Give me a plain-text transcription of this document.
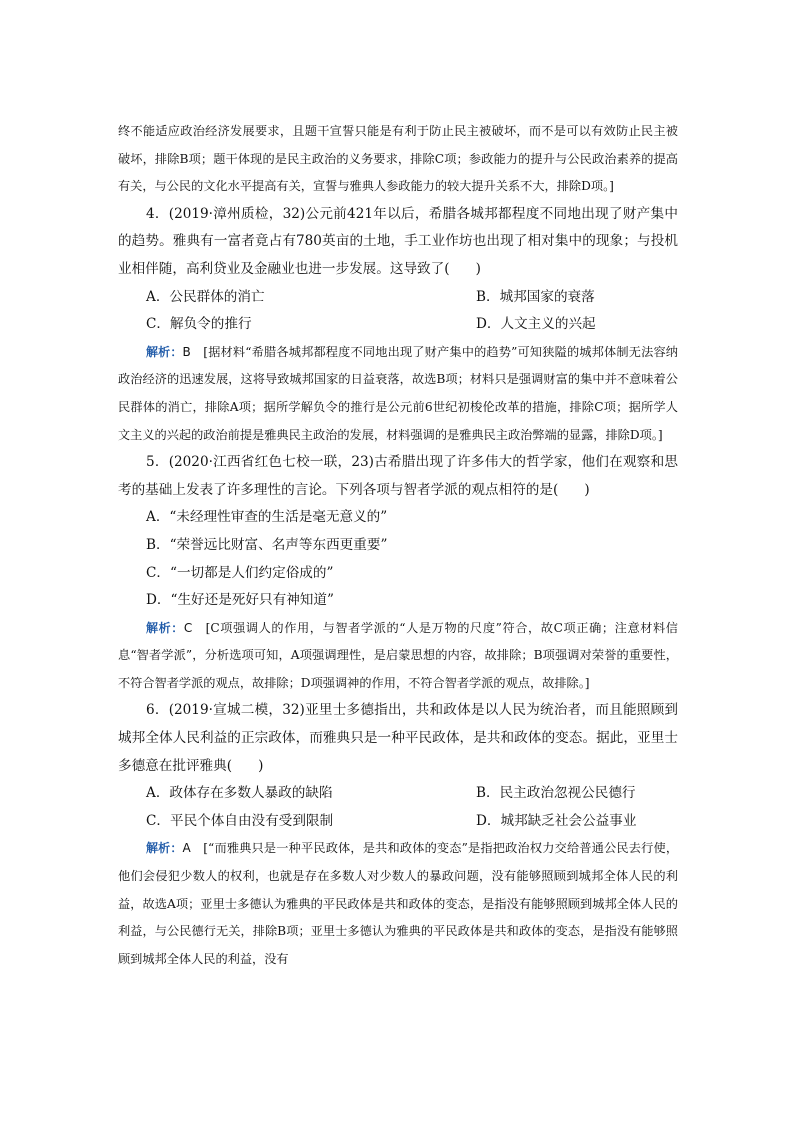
终不能适应政治经济发展要求，且题干宣誓只能是有利于防止民主被破坏，而不是可以有效防止民主被破坏，排除B项；题干体现的是民主政治的义务要求，排除C项；参政能力的提升与公民政治素养的提高有关，与公民的文化水平提高有关，宣誓与雅典人参政能力的较大提升关系不大，排除D项。]

4．(2019·漳州质检，32)公元前421年以后，希腊各城邦都程度不同地出现了财产集中的趋势。雅典有一富者竟占有780英亩的土地，手工业作坊也出现了相对集中的现象；与投机业相伴随，高利贷业及金融业也进一步发展。这导致了( )

A．公民群体的消亡	B．城邦国家的衰落
C．解负令的推行	D．人文主义的兴起

解析：B　 [据材料“希腊各城邦都程度不同地出现了财产集中的趋势”可知狭隘的城邦体制无法容纳政治经济的迅速发展，这将导致城邦国家的日益衰落，故选B项；材料只是强调财富的集中并不意味着公民群体的消亡，排除A项；据所学解负令的推行是公元前6世纪初梭伦改革的措施，排除C项；据所学人文主义的兴起的政治前提是雅典民主政治的发展，材料强调的是雅典民主政治弊端的显露，排除D项。]

5．(2020·江西省红色七校一联，23)古希腊出现了许多伟大的哲学家，他们在观察和思考的基础上发表了许多理性的言论。下列各项与智者学派的观点相符的是( )

A．“未经理性审查的生活是毫无意义的”
B．“荣誉远比财富、名声等东西更重要”
C．“一切都是人们约定俗成的”
D．“生好还是死好只有神知道”

解析：C　 [C项强调人的作用，与智者学派的“人是万物的尺度”符合，故C项正确；注意材料信息“智者学派”，分析选项可知，A项强调理性，是启蒙思想的内容，故排除；B项强调对荣誉的重要性，不符合智者学派的观点，故排除；D项强调神的作用，不符合智者学派的观点，故排除。]

6．(2019·宣城二模，32)亚里士多德指出，共和政体是以人民为统治者，而且能照顾到城邦全体人民利益的正宗政体，而雅典只是一种平民政体，是共和政体的变态。据此，亚里士多德意在批评雅典( )

A．政体存在多数人暴政的缺陷	B．民主政治忽视公民德行
C．平民个体自由没有受到限制	D．城邦缺乏社会公益事业

解析：A　 [“而雅典只是一种平民政体，是共和政体的变态”是指把政治权力交给普通公民去行使，他们会侵犯少数人的权利，也就是存在多数人对少数人的暴政问题，没有能够照顾到城邦全体人民的利益，故选A项；亚里士多德认为雅典的平民政体是共和政体的变态，是指没有能够照顾到城邦全体人民的利益，与公民德行无关，排除B项；亚里士多德认为雅典的平民政体是共和政体的变态，是指没有能够照顾到城邦全体人民的利益，没有
